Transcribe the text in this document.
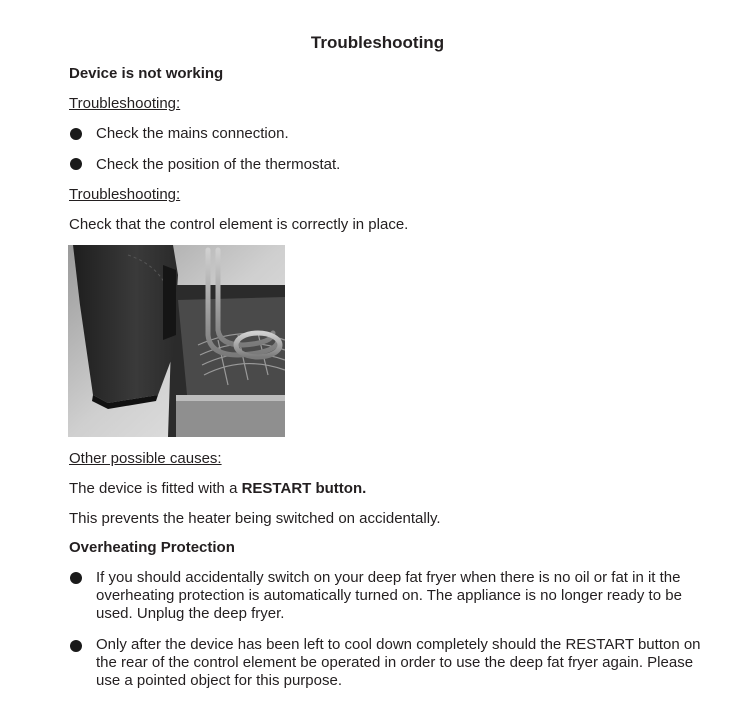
Troubleshooting
Device is not working
Troubleshooting:
Check the mains connection.
Check the position of the thermostat.
Troubleshooting:
Check that the control element is correctly in place.
Other possible causes:
The device is fitted with a RESTART button.
This prevents the heater being switched on accidentally.
Overheating Protection
If you should accidentally switch on your deep fat fryer when there is no oil or fat in it the overheating protection is automatically turned on. The appliance is no longer ready to be used. Unplug the deep fryer.
Only after the device has been left to cool down completely should the RESTART button on the rear of the control element be operated in order to use the deep fat fryer again. Please use a pointed object for this purpose.
